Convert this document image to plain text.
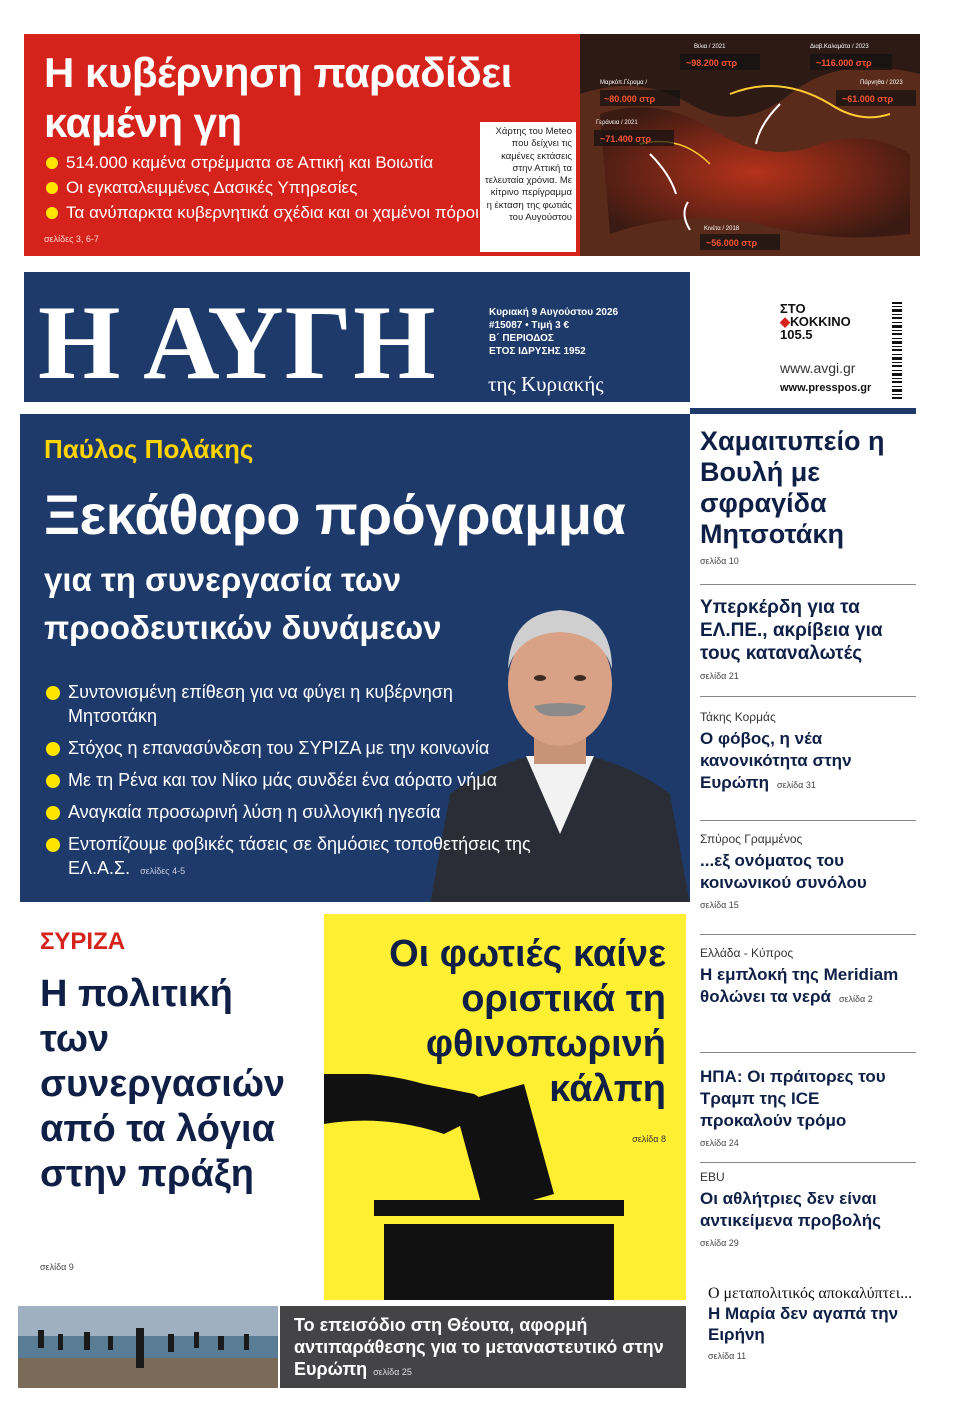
Η κυβέρνηση παραδίδει
καμένη γη
514.000 καμένα στρέμματα σε Αττική και Βοιωτία
Οι εγκαταλειμμένες Δασικές Υπηρεσίες
Τα ανύπαρκτα κυβερνητικά σχέδια και οι χαμένοι πόροι
σελίδες 3, 6-7
Χάρτης του Meteo που δείχνει τις καμένες εκτάσεις στην Αττική τα τελευταία χρόνια. Με κίτρινο περίγραμμα η έκταση της φωτιάς του Αυγούστου
Βιλια / 2021
~98.200 στρ
Διαβ.Καλαμάτα / 2023
~116.000 στρ
Μαρκόπ.Γέραμα /
~80.000 στρ
Πάρνηθα / 2023
~61.000 στρ
Γεράνεια / 2021
~71.400 στρ
Κινέτα / 2018
~56.000 στρ
Η ΑΥΓΗ	Κυριακή 9 Αυγούστου 2026
#15087 • Τιμή 3 €
Β΄ ΠΕΡΙΟΔΟΣ
ΕΤΟΣ ΙΔΡΥΣΗΣ 1952
της Κυριακής
ΣΤΟ
◆ΚΟΚΚΙΝΟ
105.5
www.avgi.gr
www.presspos.gr
Παύλος Πολάκης
Ξεκάθαρο πρόγραμμα
για τη συνεργασία των
προοδευτικών δυνάμεων
Συντονισμένη επίθεση για να φύγει η κυβέρνηση Μητσοτάκη
Στόχος η επανασύνδεση του ΣΥΡΙΖΑ με την κοινωνία
Με τη Ρένα και τον Νίκο μάς συνδέει ένα αόρατο νήμα
Αναγκαία προσωρινή λύση η συλλογική ηγεσία
Εντοπίζουμε φοβικές τάσεις σε δημόσιες τοποθετήσεις της ΕΛ.Α.Σ. σελίδες 4-5
Χαμαιτυπείο η Βουλή με σφραγίδα Μητσοτάκη
σελίδα 10
Υπερκέρδη για τα ΕΛ.ΠΕ., ακρίβεια για τους καταναλωτές
σελίδα 21
Τάκης Κορμάς
Ο φόβος, η νέα κανονικότητα στην Ευρώπη σελίδα 31
Σπύρος Γραμμένος
...εξ ονόματος του κοινωνικού συνόλου
σελίδα 15
Ελλάδα - Κύπρος
Η εμπλοκή της Meridiam θολώνει τα νερά σελίδα 2
ΗΠΑ: Οι πράιτορες του Τραμπ της ICE προκαλούν τρόμο
σελίδα 24
EBU
Οι αθλήτριες δεν είναι αντικείμενα προβολής
σελίδα 29
ΣΥΡΙΖΑ
Η πολιτική των συνεργασιών από τα λόγια στην πράξη
σελίδα 9
Οι φωτιές καίνε οριστικά τη φθινοπωρινή κάλπη
σελίδα 8
Το επεισόδιο στη Θέουτα, αφορμή αντιπαράθεσης για το μεταναστευτικό στην Ευρώπη σελίδα 25
Ο μεταπολιτικός αποκαλύπτει...
Η Μαρία δεν αγαπά την Ειρήνη
σελίδα 11
